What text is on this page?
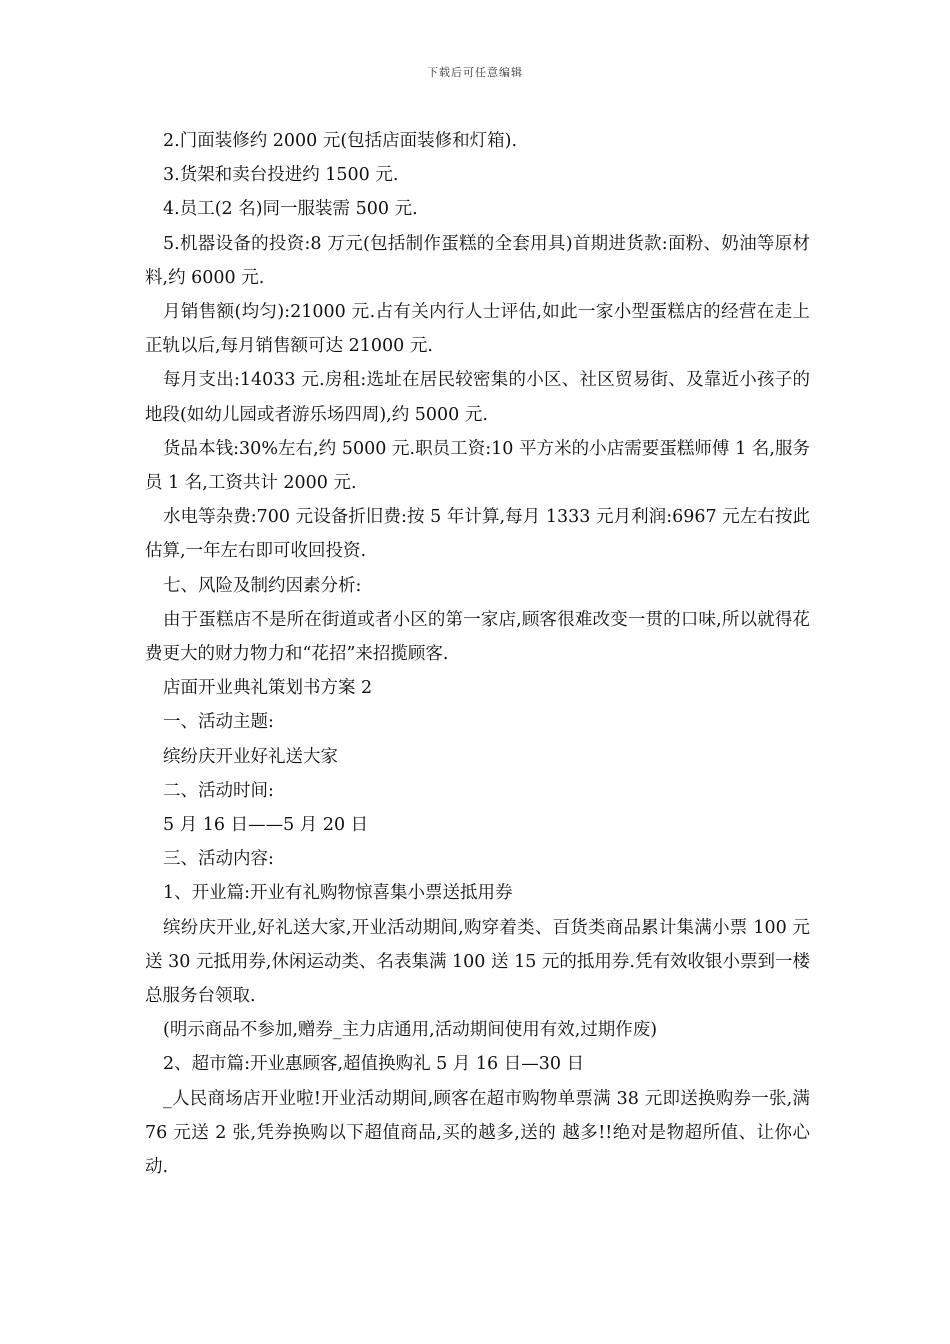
下载后可任意编辑

2.门面装修约 2000 元(包括店面装修和灯箱).

3.货架和卖台投进约 1500 元.

4.员工(2 名)同一服装需 500 元.

5.机器设备的投资:8 万元(包括制作蛋糕的全套用具)首期进货款:面粉、奶油等原材料,约 6000 元.

月销售额(均匀):21000 元.占有关内行人士评估,如此一家小型蛋糕店的经营在走上正轨以后,每月销售额可达 21000 元.

每月支出:14033 元.房租:选址在居民较密集的小区、社区贸易街、及靠近小孩子的地段(如幼儿园或者游乐场四周),约 5000 元.

货品本钱:30%左右,约 5000 元.职员工资:10 平方米的小店需要蛋糕师傅 1 名,服务员 1 名,工资共计 2000 元.

水电等杂费:700 元设备折旧费:按 5 年计算,每月 1333 元月利润:6967 元左右按此估算,一年左右即可收回投资.

七、风险及制约因素分析:

由于蛋糕店不是所在街道或者小区的第一家店,顾客很难改变一贯的口味,所以就得花费更大的财力物力和“花招”来招揽顾客.

店面开业典礼策划书方案 2

一、活动主题:

缤纷庆开业好礼送大家

二、活动时间:

5 月 16 日——5 月 20 日

三、活动内容:

1、开业篇:开业有礼购物惊喜集小票送抵用券

缤纷庆开业,好礼送大家,开业活动期间,购穿着类、百货类商品累计集满小票 100 元送 30 元抵用券,休闲运动类、名表集满 100 送 15 元的抵用券.凭有效收银小票到一楼总服务台领取.

(明示商品不参加,赠券_主力店通用,活动期间使用有效,过期作废)

2、超市篇:开业惠顾客,超值换购礼 5 月 16 日—30 日

_人民商场店开业啦!开业活动期间,顾客在超市购物单票满 38 元即送换购券一张,满 76 元送 2 张,凭券换购以下超值商品,买的越多,送的 越多!!绝对是物超所值、让你心动.
